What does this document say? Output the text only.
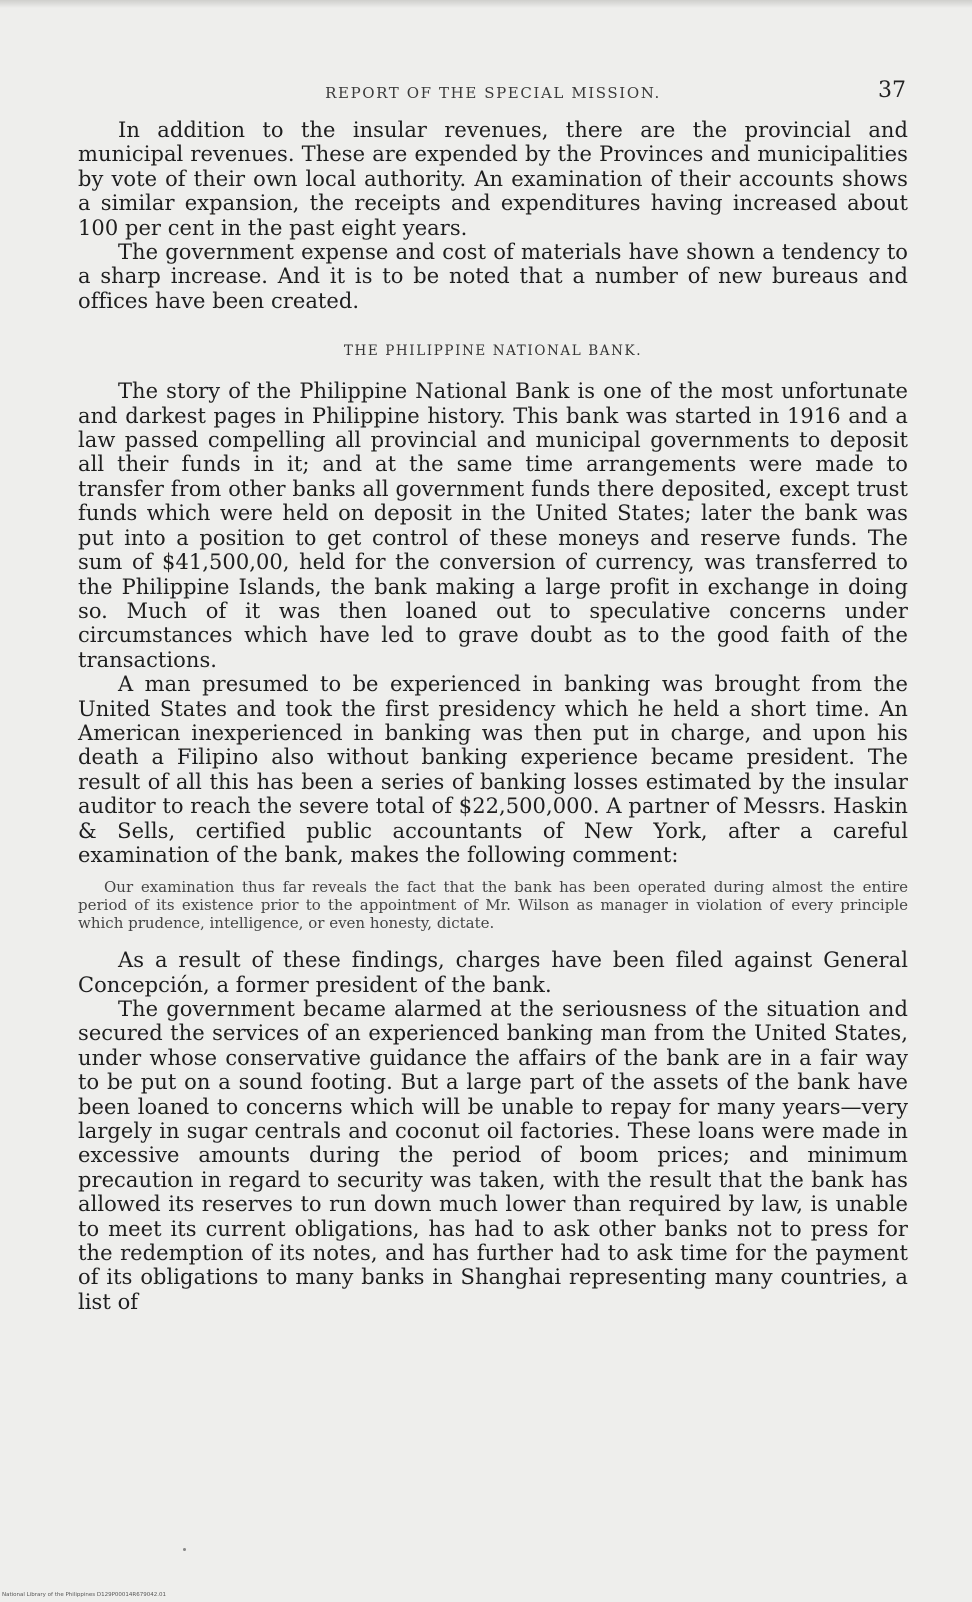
REPORT OF THE SPECIAL MISSION.	37

In addition to the insular revenues, there are the provincial and municipal revenues. These are expended by the Provinces and municipalities by vote of their own local authority. An examination of their accounts shows a similar expansion, the receipts and expenditures having increased about 100 per cent in the past eight years.

The government expense and cost of materials have shown a tendency to a sharp increase. And it is to be noted that a number of new bureaus and offices have been created.

THE PHILIPPINE NATIONAL BANK.

The story of the Philippine National Bank is one of the most unfortunate and darkest pages in Philippine history. This bank was started in 1916 and a law passed compelling all provincial and municipal governments to deposit all their funds in it; and at the same time arrangements were made to transfer from other banks all government funds there deposited, except trust funds which were held on deposit in the United States; later the bank was put into a position to get control of these moneys and reserve funds. The sum of $41,500,00, held for the conversion of currency, was transferred to the Philippine Islands, the bank making a large profit in exchange in doing so. Much of it was then loaned out to speculative concerns under circumstances which have led to grave doubt as to the good faith of the transactions.

A man presumed to be experienced in banking was brought from the United States and took the first presidency which he held a short time. An American inexperienced in banking was then put in charge, and upon his death a Filipino also without banking experience became president. The result of all this has been a series of banking losses estimated by the insular auditor to reach the severe total of $22,500,000. A partner of Messrs. Haskin & Sells, certified public accountants of New York, after a careful examination of the bank, makes the following comment:

Our examination thus far reveals the fact that the bank has been operated during almost the entire period of its existence prior to the appointment of Mr. Wilson as manager in violation of every principle which prudence, intelligence, or even honesty, dictate.

As a result of these findings, charges have been filed against General Concepción, a former president of the bank.

The government became alarmed at the seriousness of the situation and secured the services of an experienced banking man from the United States, under whose conservative guidance the affairs of the bank are in a fair way to be put on a sound footing. But a large part of the assets of the bank have been loaned to concerns which will be unable to repay for many years—very largely in sugar centrals and coconut oil factories. These loans were made in excessive amounts during the period of boom prices; and minimum precaution in regard to security was taken, with the result that the bank has allowed its reserves to run down much lower than required by law, is unable to meet its current obligations, has had to ask other banks not to press for the redemption of its notes, and has further had to ask time for the payment of its obligations to many banks in Shanghai representing many countries, a list of

National Library of the Philippines D129P00014R679042.01
